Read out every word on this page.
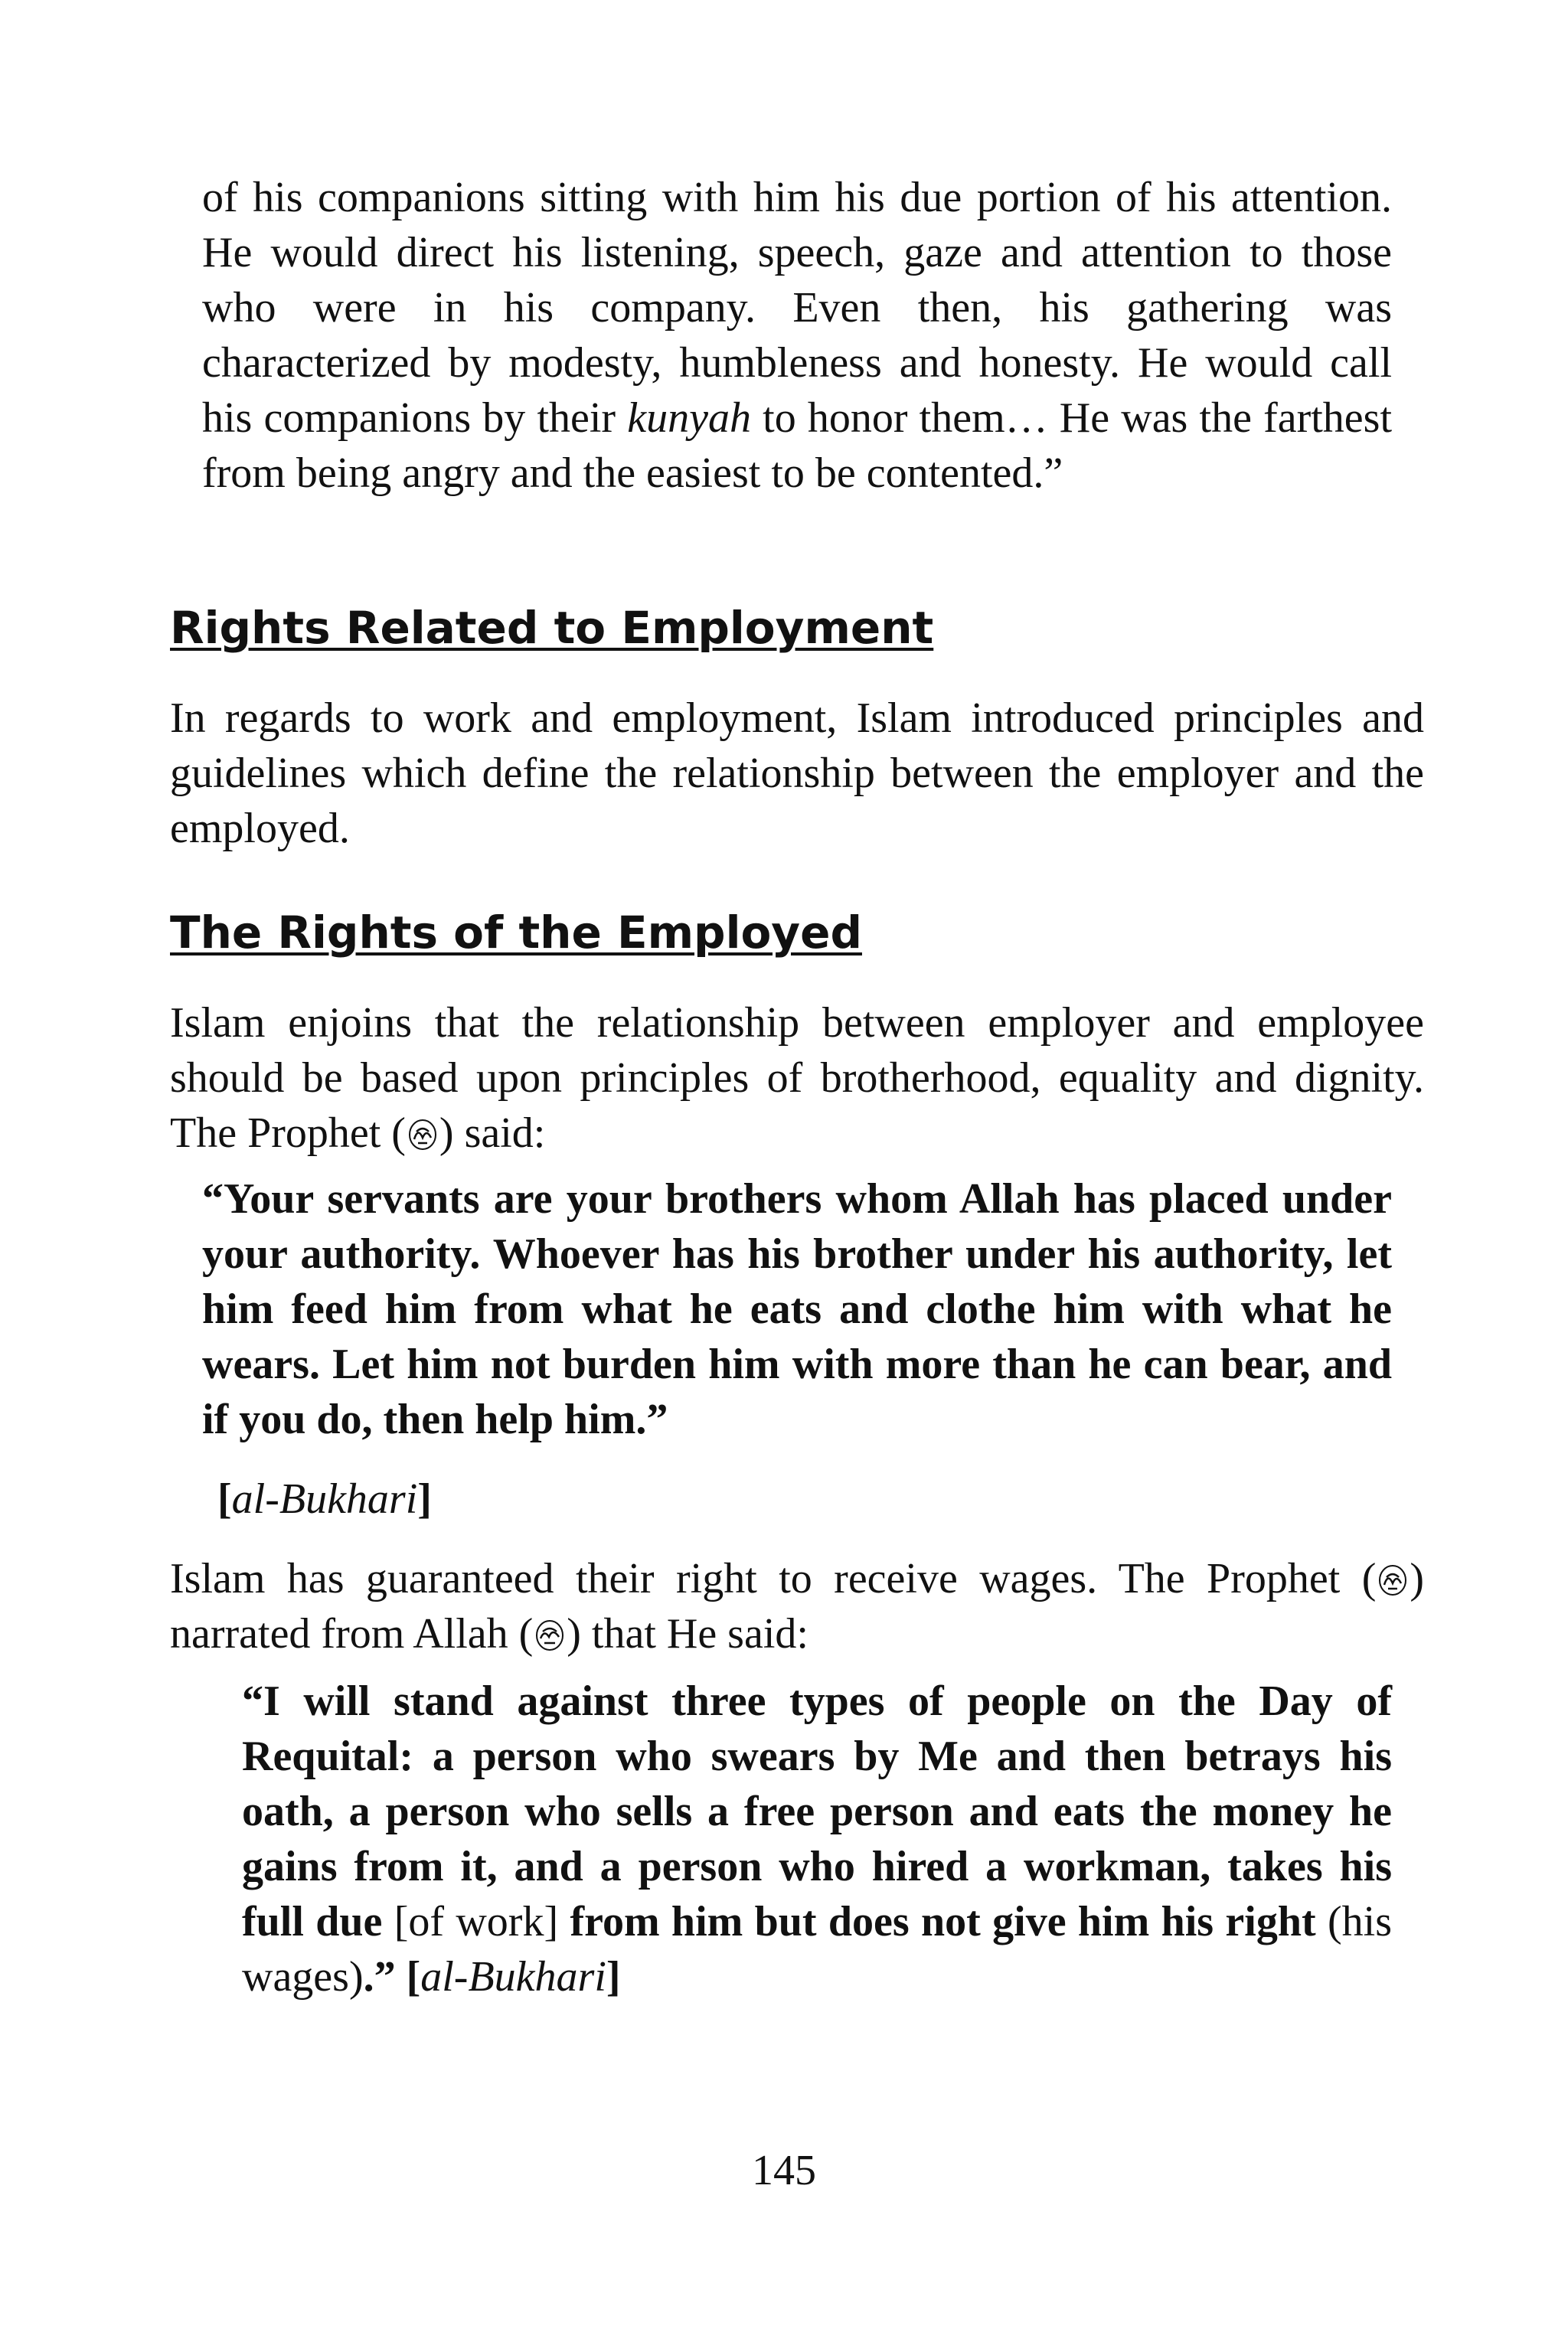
of his companions sitting with him his due portion of his attention. He would direct his listening, speech, gaze and attention to those who were in his company. Even then, his gathering was characterized by modesty, humbleness and honesty. He would call his companions by their kunyah to honor them… He was the farthest from being angry and the easiest to be contented.”

Rights Related to Employment

In regards to work and employment, Islam introduced principles and guidelines which define the relationship between the employer and the employed.

The Rights of the Employed

Islam enjoins that the relationship between employer and employee should be based upon principles of brotherhood, equality and dignity. The Prophet ( ) said:

“Your servants are your brothers whom Allah has placed under your authority. Whoever has his brother under his authority, let him feed him from what he eats and clothe him with what he wears. Let him not burden him with more than he can bear, and if you do, then help him.”

[al-Bukhari]

Islam has guaranteed their right to receive wages. The Prophet ( ) narrated from Allah ( ) that He said:

“I will stand against three types of people on the Day of Requital: a person who swears by Me and then betrays his oath, a person who sells a free person and eats the money he gains from it, and a person who hired a workman, takes his full due [of work] from him but does not give him his right (his wages).” [al-Bukhari]

145
